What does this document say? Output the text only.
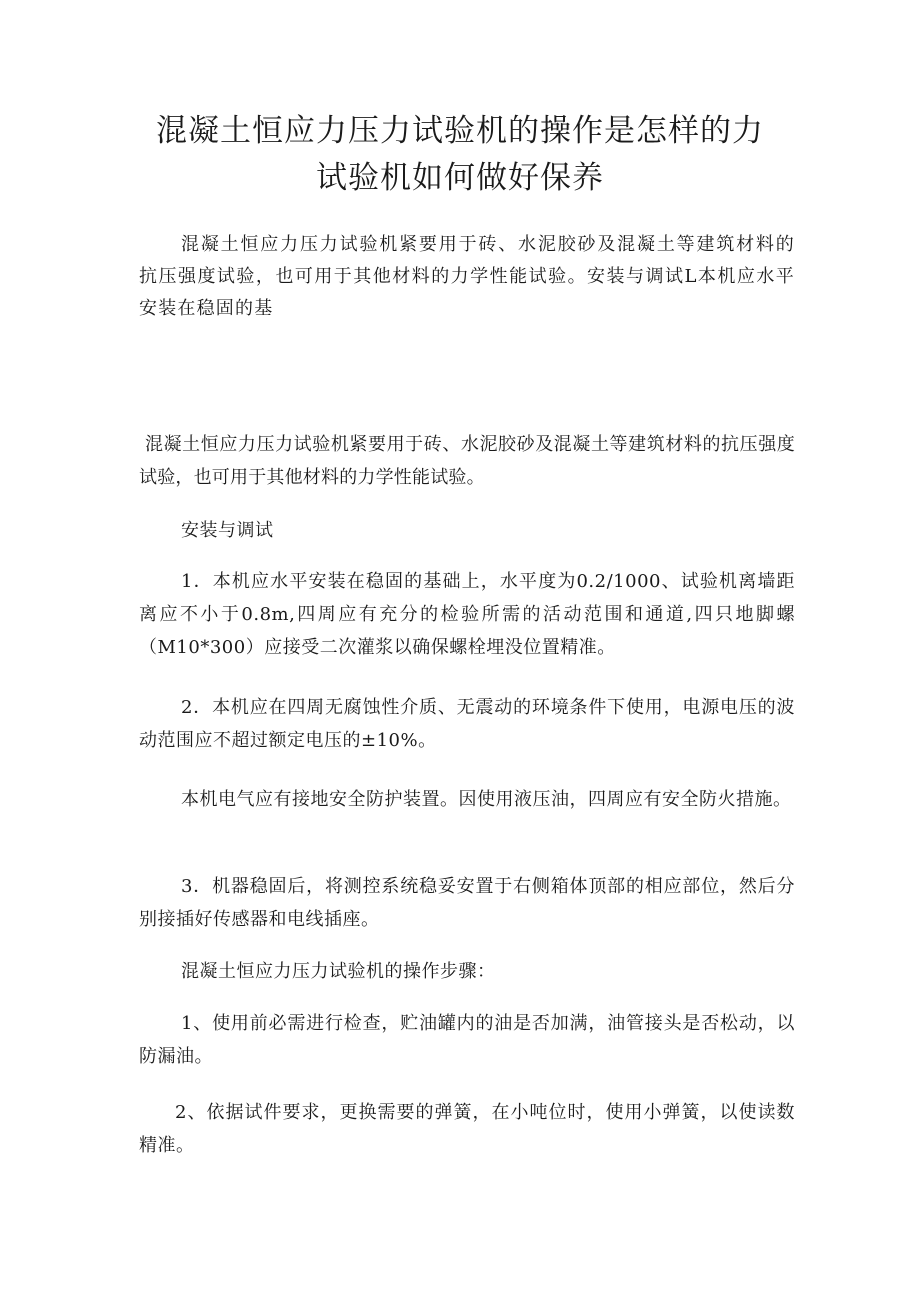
混凝土恒应力压力试验机的操作是怎样的力
试验机如何做好保养

混凝土恒应力压力试验机紧要用于砖、水泥胶砂及混凝土等建筑材料的抗压强度试验，也可用于其他材料的力学性能试验。安装与调试L本机应水平安装在稳固的基

混凝土恒应力压力试验机紧要用于砖、水泥胶砂及混凝土等建筑材料的抗压强度试验，也可用于其他材料的力学性能试验。

安装与调试

1．本机应水平安装在稳固的基础上，水平度为0.2/1000、试验机离墙距离应不小于0.8m,四周应有充分的检验所需的活动范围和通道,四只地脚螺（M10*300）应接受二次灌浆以确保螺栓埋没位置精准。

2．本机应在四周无腐蚀性介质、无震动的环境条件下使用，电源电压的波动范围应不超过额定电压的±10%。

本机电气应有接地安全防护装置。因使用液压油，四周应有安全防火措施。

3．机器稳固后，将测控系统稳妥安置于右侧箱体顶部的相应部位，然后分别接插好传感器和电线插座。

混凝土恒应力压力试验机的操作步骤：

1、使用前必需进行检查，贮油罐内的油是否加满，油管接头是否松动，以防漏油。

2、依据试件要求，更换需要的弹簧，在小吨位时，使用小弹簧，以使读数精准。
